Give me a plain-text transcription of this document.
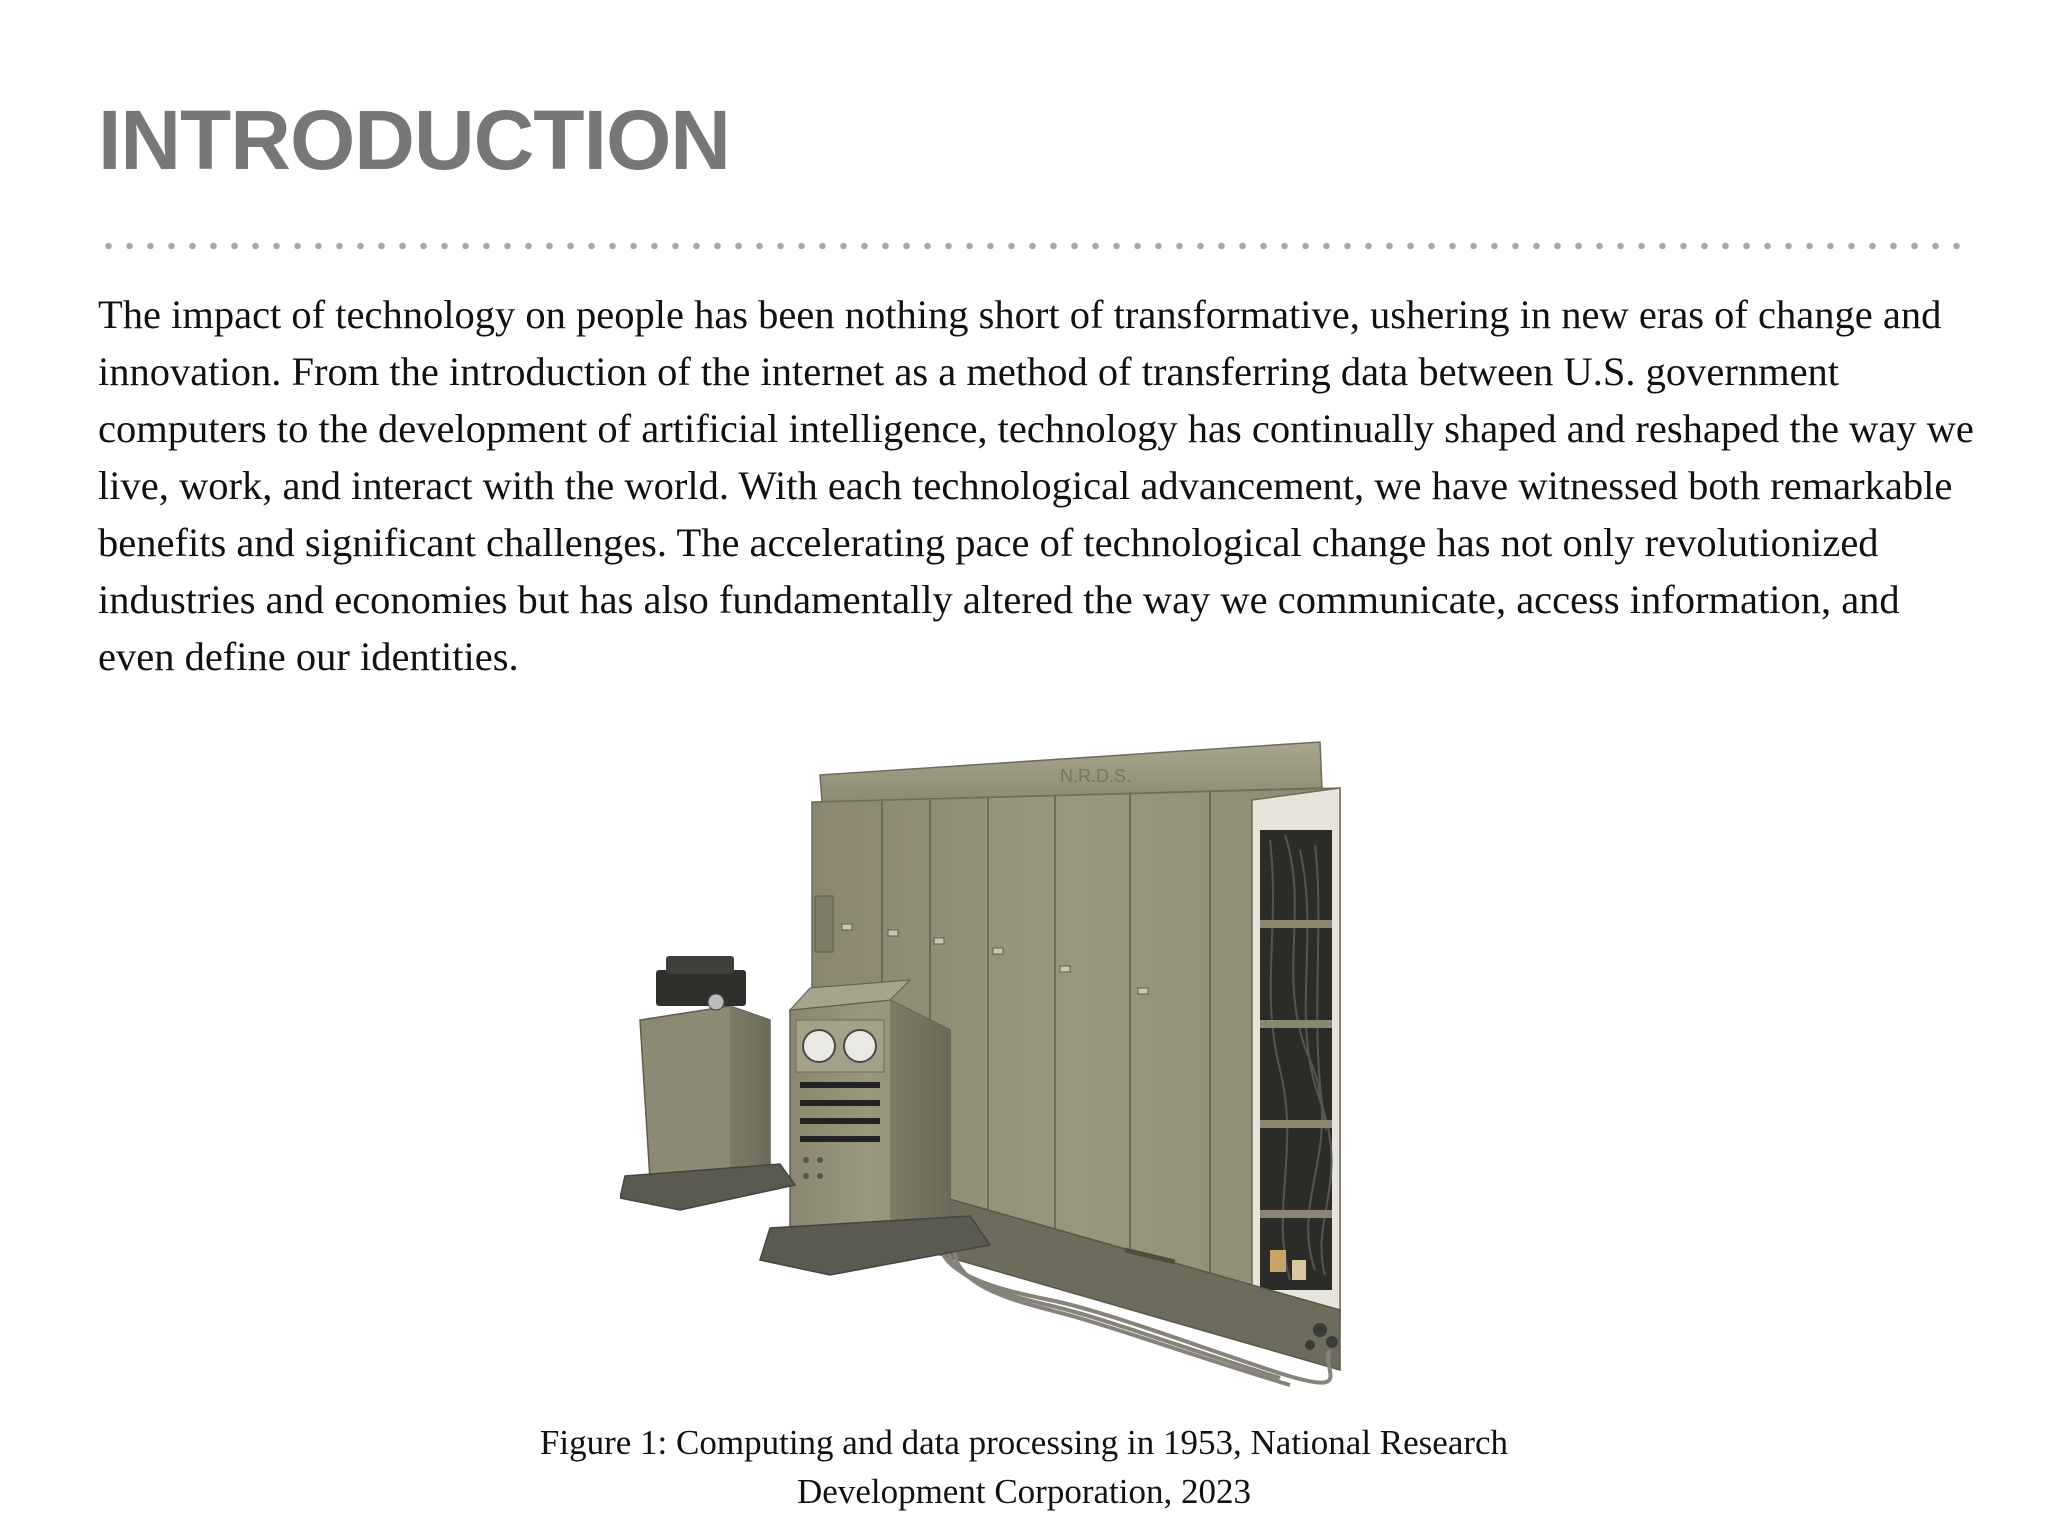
INTRODUCTION

The impact of technology on people has been nothing short of transformative, ushering in new eras of change and innovation. From the introduction of the internet as a method of transferring data between U.S. government computers to the development of artificial intelligence, technology has continually shaped and reshaped the way we live, work, and interact with the world. With each technological advancement, we have witnessed both remarkable benefits and significant challenges. The accelerating pace of technological change has not only revolutionized industries and economies but has also fundamentally altered the way we communicate, access information, and even define our identities.

N.R.D.S.
Figure 1: Computing and data processing in 1953, National Research
Development Corporation, 2023
